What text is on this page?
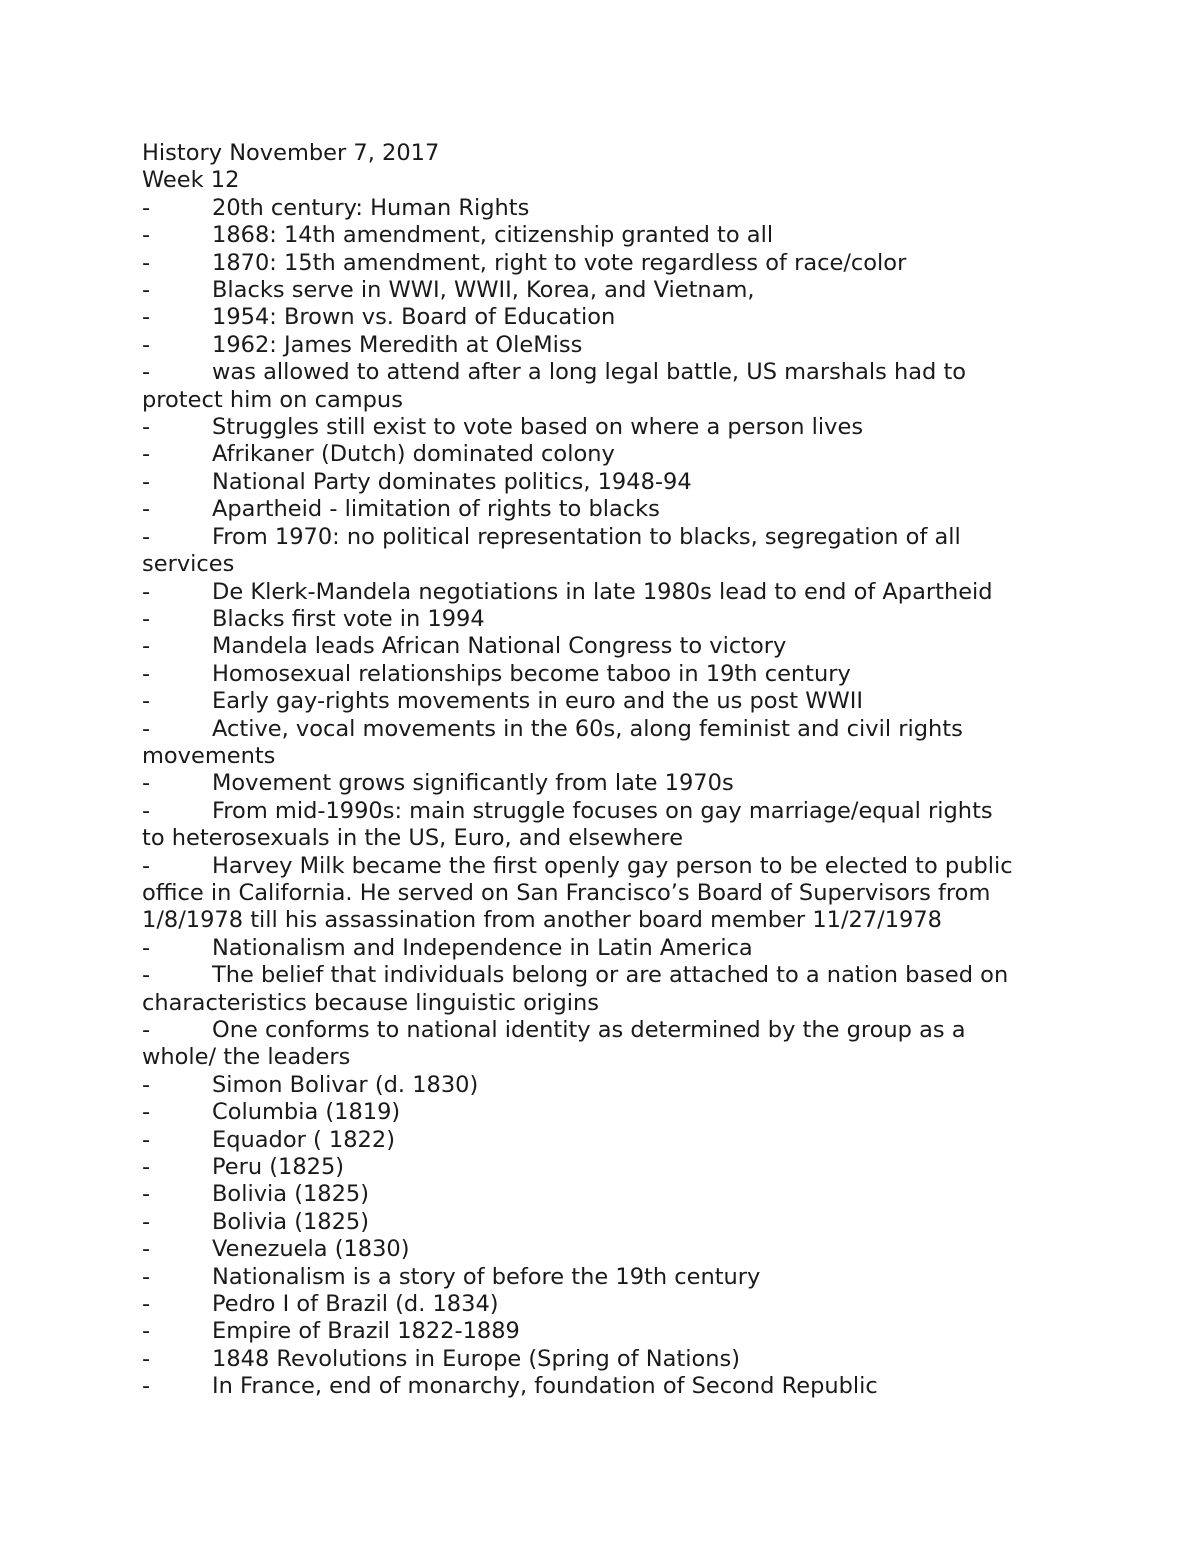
History November 7, 2017
Week 12
-	20th century: Human Rights
-	1868: 14th amendment, citizenship granted to all
-	1870: 15th amendment, right to vote regardless of race/color
-	Blacks serve in WWI, WWII, Korea, and Vietnam,
-	1954: Brown vs. Board of Education
-	1962: James Meredith at OleMiss
-	was allowed to attend after a long legal battle, US marshals had to
protect him on campus
-	Struggles still exist to vote based on where a person lives
-	Afrikaner (Dutch) dominated colony
-	National Party dominates politics, 1948-94
-	Apartheid - limitation of rights to blacks
-	From 1970: no political representation to blacks, segregation of all
services
-	De Klerk-Mandela negotiations in late 1980s lead to end of Apartheid
-	Blacks first vote in 1994
-	Mandela leads African National Congress to victory
-	Homosexual relationships become taboo in 19th century
-	Early gay-rights movements in euro and the us post WWII
-	Active, vocal movements in the 60s, along feminist and civil rights
movements
-	Movement grows significantly from late 1970s
-	From mid-1990s: main struggle focuses on gay marriage/equal rights
to heterosexuals in the US, Euro, and elsewhere
-	Harvey Milk became the first openly gay person to be elected to public
office in California. He served on San Francisco’s Board of Supervisors from
1/8/1978 till his assassination from another board member 11/27/1978
-	Nationalism and Independence in Latin America
-	The belief that individuals belong or are attached to a nation based on
characteristics because linguistic origins
-	One conforms to national identity as determined by the group as a
whole/ the leaders
-	Simon Bolivar (d. 1830)
-	Columbia (1819)
-	Equador ( 1822)
-	Peru (1825)
-	Bolivia (1825)
-	Bolivia (1825)
-	Venezuela (1830)
-	Nationalism is a story of before the 19th century
-	Pedro I of Brazil (d. 1834)
-	Empire of Brazil 1822-1889
-	1848 Revolutions in Europe (Spring of Nations)
-	In France, end of monarchy, foundation of Second Republic
